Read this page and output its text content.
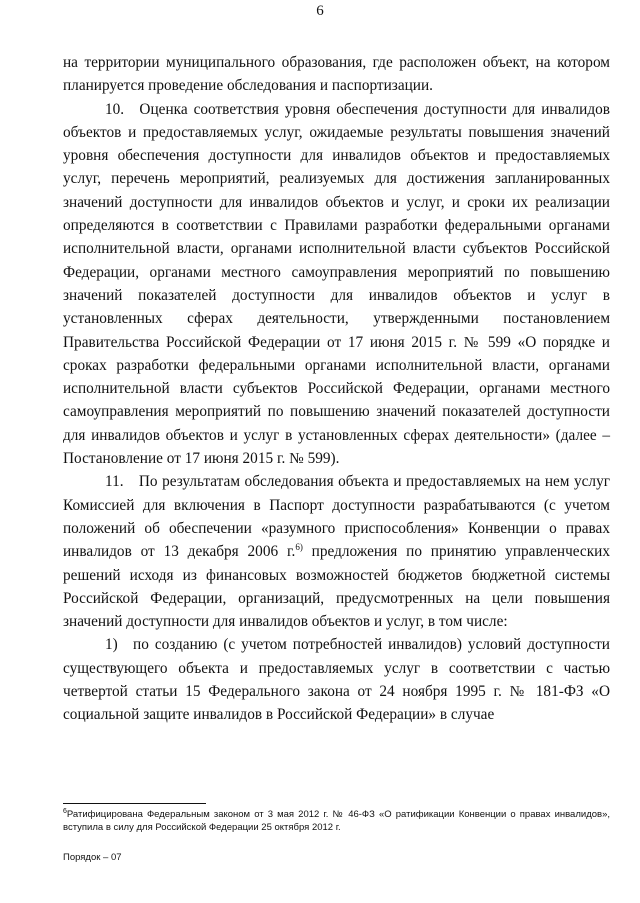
6

на территории муниципального образования, где расположен объект, на котором планируется проведение обследования и паспортизации.

10. Оценка соответствия уровня обеспечения доступности для инвалидов объектов и предоставляемых услуг, ожидаемые результаты повышения значений уровня обеспечения доступности для инвалидов объектов и предоставляемых услуг, перечень мероприятий, реализуемых для достижения запланированных значений доступности для инвалидов объектов и услуг, и сроки их реализации определяются в соответствии с Правилами разработки федеральными органами исполнительной власти, органами исполнительной власти субъектов Российской Федерации, органами местного самоуправления мероприятий по повышению значений показателей доступности для инвалидов объектов и услуг в установленных сферах деятельности, утвержденными постановлением Правительства Российской Федерации от 17 июня 2015 г. № 599 «О порядке и сроках разработки федеральными органами исполнительной власти, органами исполнительной власти субъектов Российской Федерации, органами местного самоуправления мероприятий по повышению значений показателей доступности для инвалидов объектов и услуг в установленных сферах деятельности» (далее – Постановление от 17 июня 2015 г. № 599).

11. По результатам обследования объекта и предоставляемых на нем услуг Комиссией для включения в Паспорт доступности разрабатываются (с учетом положений об обеспечении «разумного приспособления» Конвенции о правах инвалидов от 13 декабря 2006 г.$^{6)}$ предложения по принятию управленческих решений исходя из финансовых возможностей бюджетов бюджетной системы Российской Федерации, организаций, предусмотренных на цели повышения значений доступности для инвалидов объектов и услуг, в том числе:

1) по созданию (с учетом потребностей инвалидов) условий доступности существующего объекта и предоставляемых услуг в соответствии с частью четвертой статьи 15 Федерального закона от 24 ноября 1995 г. № 181-ФЗ «О социальной защите инвалидов в Российской Федерации» в случае

$^6$Ратифицирована Федеральным законом от 3 мая 2012 г. № 46-ФЗ «О ратификации Конвенции о правах инвалидов», вступила в силу для Российской Федерации 25 октября 2012 г.
Порядок – 07
